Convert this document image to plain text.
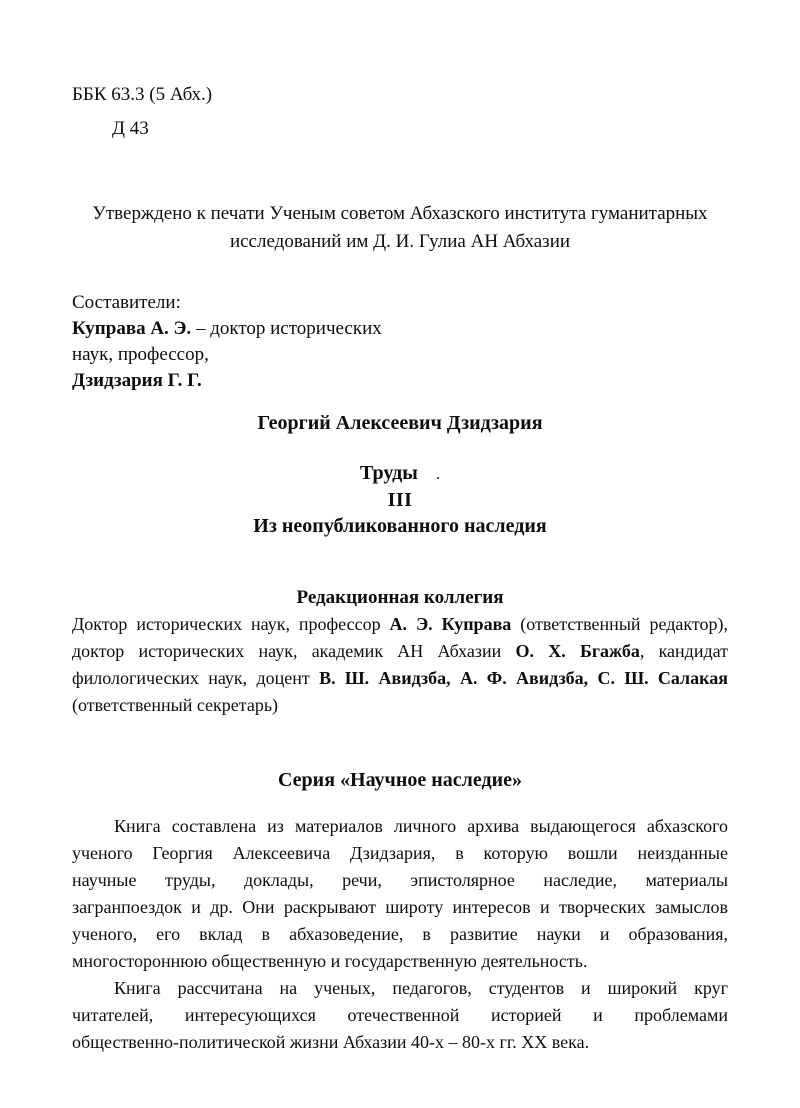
ББК 63.3 (5 Абх.)
Д 43
Утверждено к печати Ученым советом Абхазского института гуманитарных
исследований им Д. И. Гулиа АН Абхазии
Составители:
Куправа А. Э. – доктор исторических
наук, профессор,
Дзидзария Г. Г.
Георгий Алексеевич Дзидзария
Труды .
III
Из неопубликованного наследия
Редакционная коллегия
Доктор исторических наук, профессор А. Э. Куправа (ответственный редактор),
доктор исторических наук, академик АН Абхазии О. Х. Бгажба, кандидат
филологических наук, доцент В. Ш. Авидзба, А. Ф. Авидзба, С. Ш. Салакая
(ответственный секретарь)
Серия «Научное наследие»
Книга составлена из материалов личного архива выдающегося абхазского
ученого Георгия Алексеевича Дзидзария, в которую вошли неизданные
научные труды, доклады, речи, эпистолярное наследие, материалы
загранпоездок и др. Они раскрывают широту интересов и творческих замыслов
ученого, его вклад в абхазоведение, в развитие науки и образования,
многостороннюю общественную и государственную деятельность.
Книга рассчитана на ученых, педагогов, студентов и широкий круг
читателей, интересующихся отечественной историей и проблемами
общественно-политической жизни Абхазии 40-х – 80-х гг. XX века.
